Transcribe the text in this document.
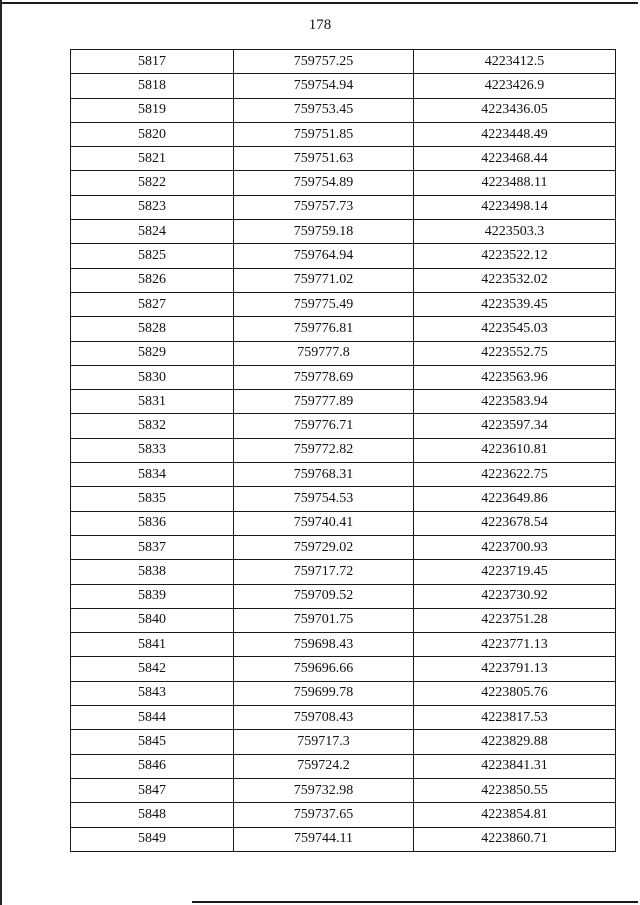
178
5817	759757.25	4223412.5
5818	759754.94	4223426.9
5819	759753.45	4223436.05
5820	759751.85	4223448.49
5821	759751.63	4223468.44
5822	759754.89	4223488.11
5823	759757.73	4223498.14
5824	759759.18	4223503.3
5825	759764.94	4223522.12
5826	759771.02	4223532.02
5827	759775.49	4223539.45
5828	759776.81	4223545.03
5829	759777.8	4223552.75
5830	759778.69	4223563.96
5831	759777.89	4223583.94
5832	759776.71	4223597.34
5833	759772.82	4223610.81
5834	759768.31	4223622.75
5835	759754.53	4223649.86
5836	759740.41	4223678.54
5837	759729.02	4223700.93
5838	759717.72	4223719.45
5839	759709.52	4223730.92
5840	759701.75	4223751.28
5841	759698.43	4223771.13
5842	759696.66	4223791.13
5843	759699.78	4223805.76
5844	759708.43	4223817.53
5845	759717.3	4223829.88
5846	759724.2	4223841.31
5847	759732.98	4223850.55
5848	759737.65	4223854.81
5849	759744.11	4223860.71
